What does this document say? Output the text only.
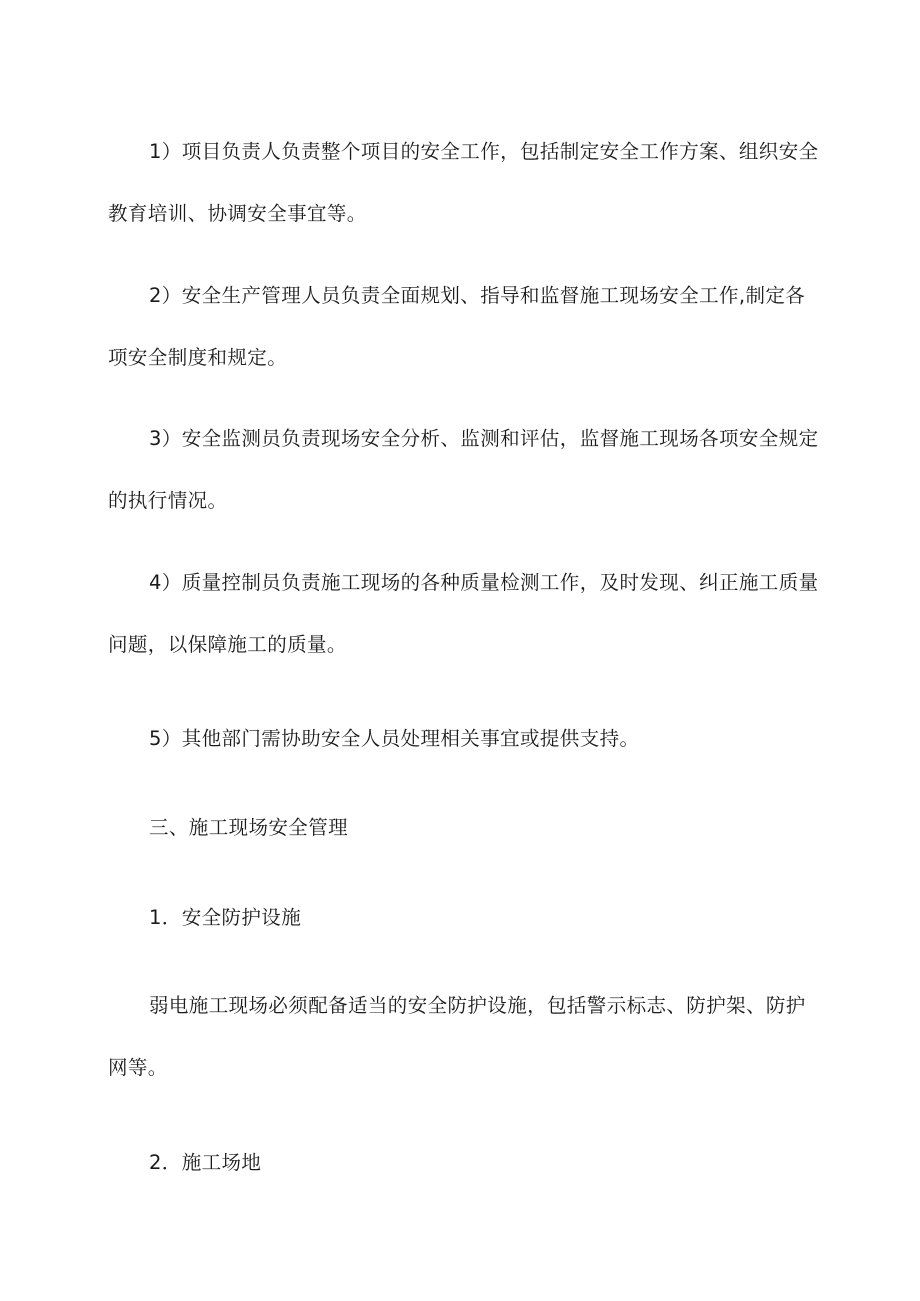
1）项目负责人负责整个项目的安全工作，包括制定安全工作方案、组织安全教育培训、协调安全事宜等。

2）安全生产管理人员负责全面规划、指导和监督施工现场安全工作,制定各项安全制度和规定。

3）安全监测员负责现场安全分析、监测和评估，监督施工现场各项安全规定的执行情况。

4）质量控制员负责施工现场的各种质量检测工作，及时发现、纠正施工质量问题，以保障施工的质量。

5）其他部门需协助安全人员处理相关事宜或提供支持。

三、施工现场安全管理

1．安全防护设施

弱电施工现场必须配备适当的安全防护设施，包括警示标志、防护架、防护网等。

2．施工场地
